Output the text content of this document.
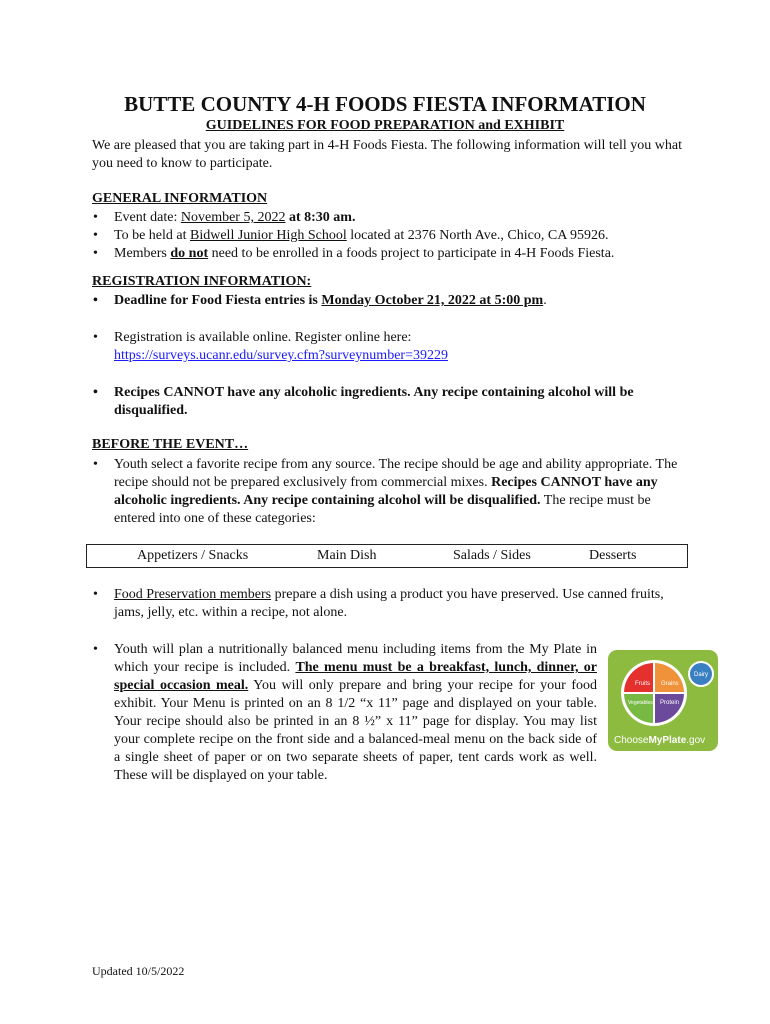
BUTTE COUNTY 4-H FOODS FIESTA INFORMATION
GUIDELINES FOR FOOD PREPARATION and EXHIBIT
We are pleased that you are taking part in 4-H Foods Fiesta. The following information will tell you what you need to know to participate.
GENERAL INFORMATION
• Event date: November 5, 2022 at 8:30 am.
• To be held at Bidwell Junior High School located at 2376 North Ave., Chico, CA 95926.
• Members do not need to be enrolled in a foods project to participate in 4-H Foods Fiesta.
REGISTRATION INFORMATION:
• Deadline for Food Fiesta entries is Monday October 21, 2022 at 5:00 pm.
• Registration is available online. Register online here:
https://surveys.ucanr.edu/survey.cfm?surveynumber=39229
• Recipes CANNOT have any alcoholic ingredients. Any recipe containing alcohol will be disqualified.
BEFORE THE EVENT…
• Youth select a favorite recipe from any source. The recipe should be age and ability appropriate. The recipe should not be prepared exclusively from commercial mixes. Recipes CANNOT have any alcoholic ingredients. Any recipe containing alcohol will be disqualified. The recipe must be entered into one of these categories:
Appetizers / Snacks	Main Dish	Salads / Sides	Desserts
• Food Preservation members prepare a dish using a product you have preserved. Use canned fruits, jams, jelly, etc. within a recipe, not alone.
• Youth will plan a nutritionally balanced menu including items from the My Plate in which your recipe is included. The menu must be a breakfast, lunch, dinner, or special occasion meal. You will only prepare and bring your recipe for your food exhibit. Your Menu is printed on an 8 1/2 “x 11” page and displayed on your table. Your recipe should also be printed in an 8 ½” x 11” page for display. You may list your complete recipe on the front side and a balanced-meal menu on the back side of a single sheet of paper or on two separate sheets of paper, tent cards work as well. These will be displayed on your table.
Fruits Grains
Vegetables Protein
Dairy
ChooseMyPlate.gov
Updated 10/5/2022
